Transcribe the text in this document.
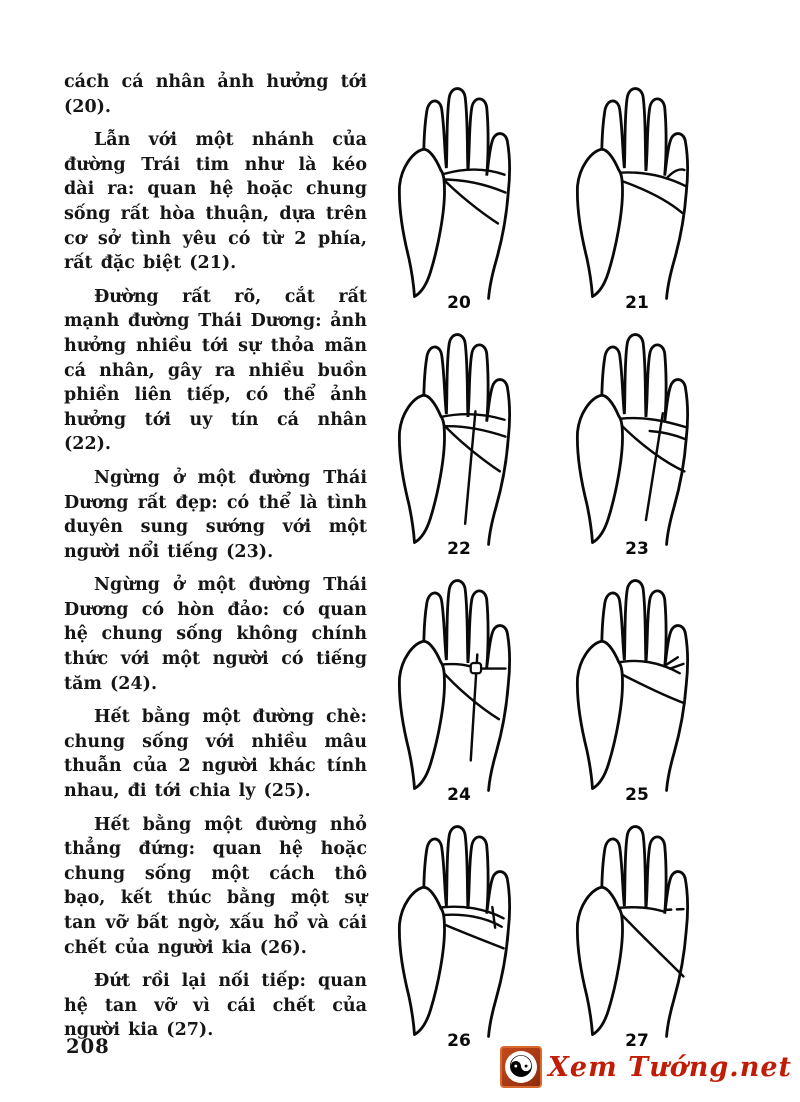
cách cá nhân ảnh hưởng tới (20).

Lẫn với một nhánh của đường Trái tim như là kéo dài ra: quan hệ hoặc chung sống rất hòa thuận, dựa trên cơ sở tình yêu có từ 2 phía, rất đặc biệt (21).

Đường rất rõ, cắt rất mạnh đường Thái Dương: ảnh hưởng nhiều tới sự thỏa mãn cá nhân, gây ra nhiều buồn phiền liên tiếp, có thể ảnh hưởng tới uy tín cá nhân (22).

Ngừng ở một đường Thái Dương rất đẹp: có thể là tình duyên sung sướng với một người nổi tiếng (23).

Ngừng ở một đường Thái Dương có hòn đảo: có quan hệ chung sống không chính thức với một người có tiếng tăm (24).

Hết bằng một đường chè: chung sống với nhiều mâu thuẫn của 2 người khác tính nhau, đi tới chia ly (25).

Hết bằng một đường nhỏ thẳng đứng: quan hệ hoặc chung sống một cách thô bạo, kết thúc bằng một sự tan vỡ bất ngờ, xấu hổ và cái chết của người kia (26).

Đứt rồi lại nối tiếp: quan hệ tan vỡ vì cái chết của người kia (27).

20	21
22	23
24	25
26	27
208
☯ Xem Tướng.net
